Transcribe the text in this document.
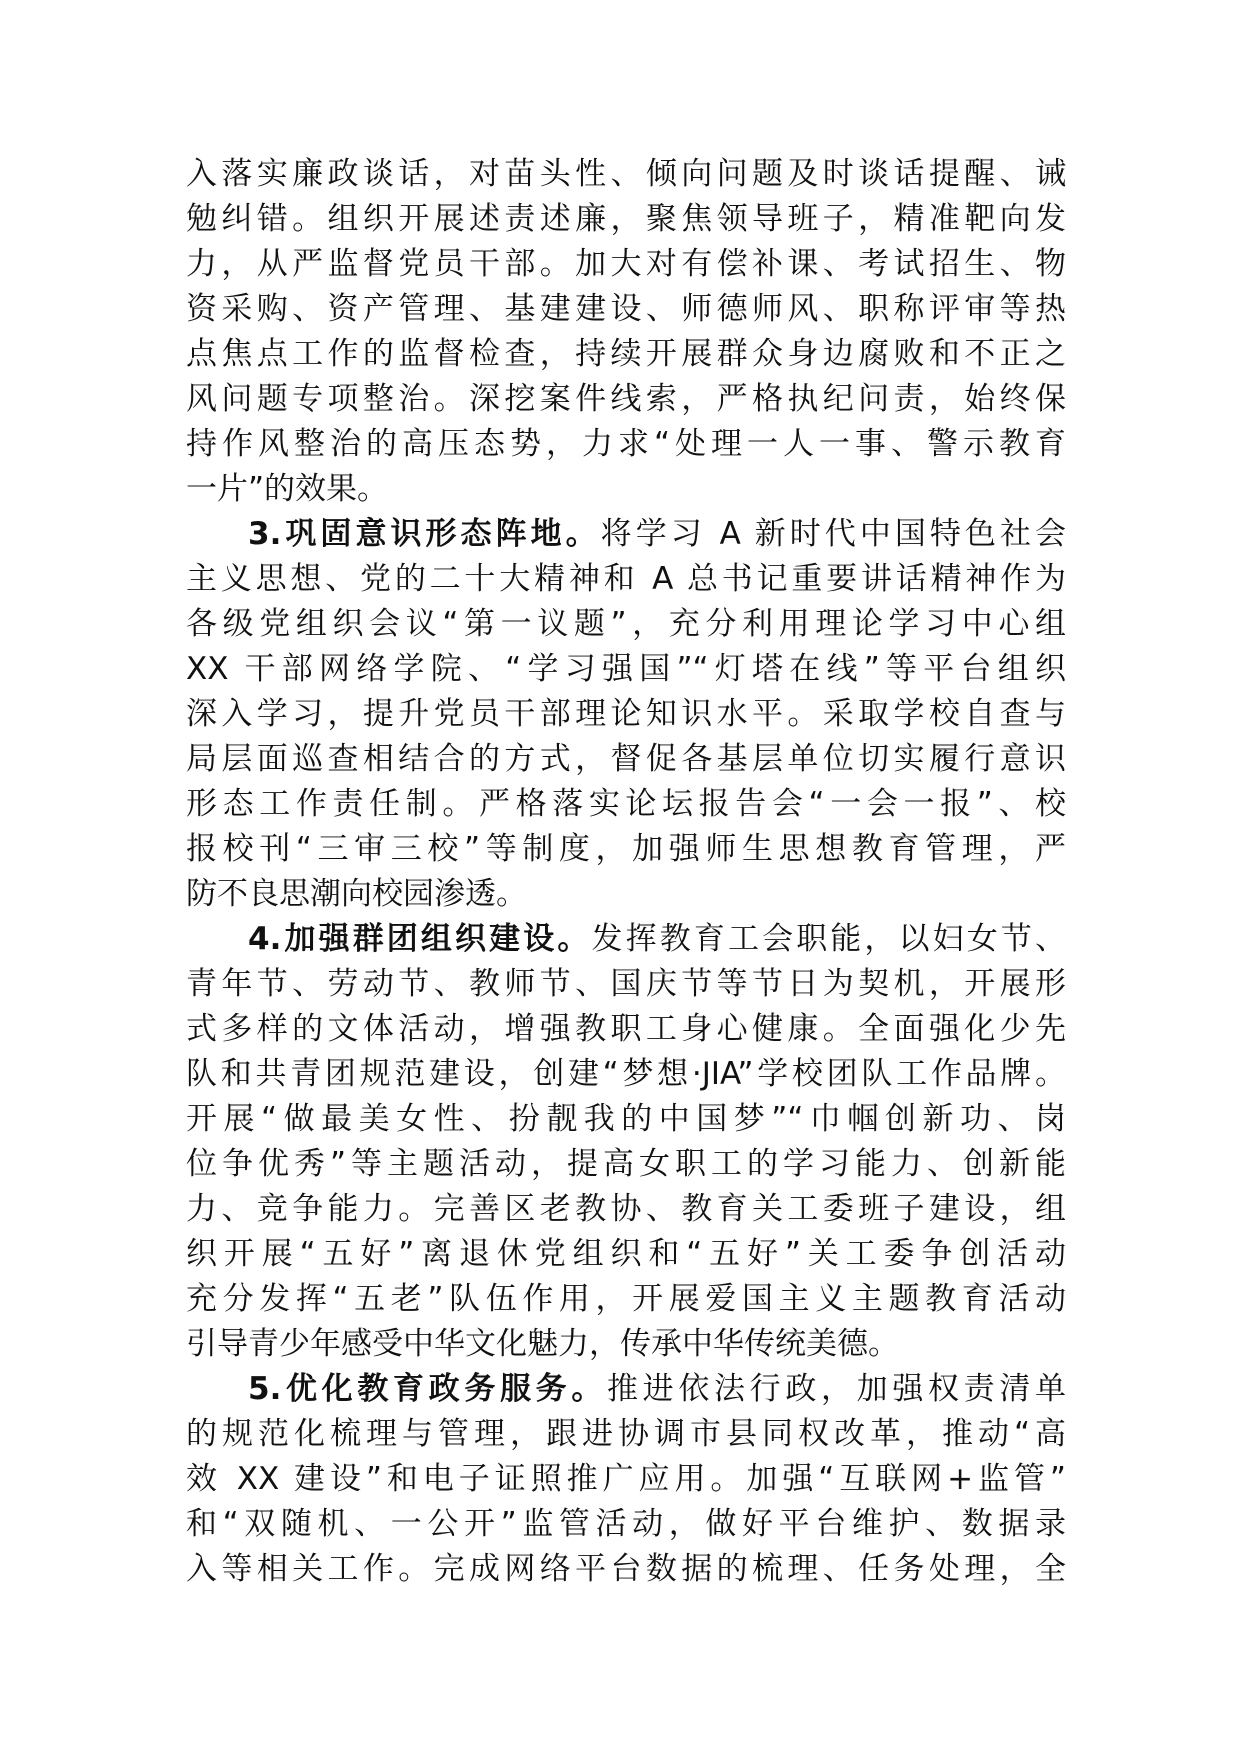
入落实廉政谈话，对苗头性、倾向问题及时谈话提醒、诫
勉纠错。组织开展述责述廉，聚焦领导班子，精准靶向发
力，从严监督党员干部。加大对有偿补课、考试招生、物
资采购、资产管理、基建建设、师德师风、职称评审等热
点焦点工作的监督检查，持续开展群众身边腐败和不正之
风问题专项整治。深挖案件线索，严格执纪问责，始终保
持作风整治的高压态势，力求“处理一人一事、警示教育
一片”的效果。
3.巩固意识形态阵地。将学习 A 新时代中国特色社会
主义思想、党的二十大精神和 A 总书记重要讲话精神作为
各级党组织会议“第一议题”，充分利用理论学习中心组
XX 干部网络学院、“学习强国”“灯塔在线”等平台组织
深入学习，提升党员干部理论知识水平。采取学校自查与
局层面巡查相结合的方式，督促各基层单位切实履行意识
形态工作责任制。严格落实论坛报告会“一会一报”、校
报校刊“三审三校”等制度，加强师生思想教育管理，严
防不良思潮向校园渗透。
4.加强群团组织建设。发挥教育工会职能，以妇女节、
青年节、劳动节、教师节、国庆节等节日为契机，开展形
式多样的文体活动，增强教职工身心健康。全面强化少先
队和共青团规范建设，创建“梦想·JIA”学校团队工作品牌。
开展“做最美女性、扮靓我的中国梦”“巾帼创新功、岗
位争优秀”等主题活动，提高女职工的学习能力、创新能
力、竞争能力。完善区老教协、教育关工委班子建设，组
织开展“五好”离退休党组织和“五好”关工委争创活动
充分发挥“五老”队伍作用，开展爱国主义主题教育活动
引导青少年感受中华文化魅力，传承中华传统美德。
5.优化教育政务服务。推进依法行政，加强权责清单
的规范化梳理与管理，跟进协调市县同权改革，推动“高
效 XX 建设”和电子证照推广应用。加强“互联网+监管”
和“双随机、一公开”监管活动，做好平台维护、数据录
入等相关工作。完成网络平台数据的梳理、任务处理，全
